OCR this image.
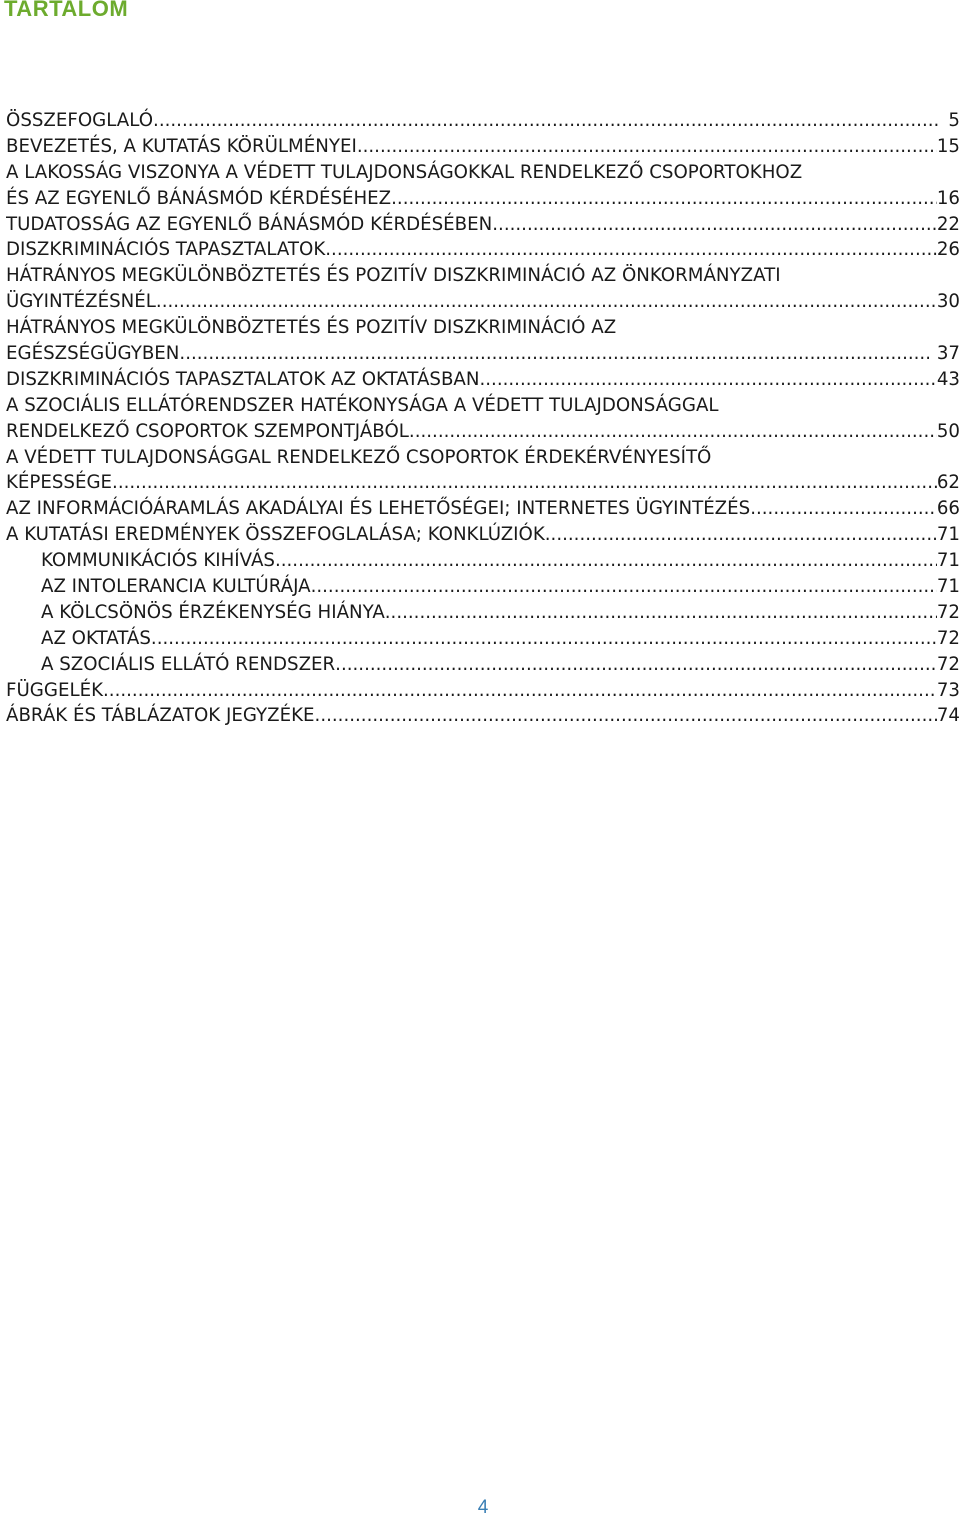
TARTALOM
ÖSSZEFOGLALÓ .....	5
BEVEZETÉS, A KUTATÁS KÖRÜLMÉNYEI .....	15
A LAKOSSÁG VISZONYA A VÉDETT TULAJDONSÁGOKKAL RENDELKEZŐ CSOPORTOKHOZ
ÉS AZ EGYENLŐ BÁNÁSMÓD KÉRDÉSÉHEZ .....	16
TUDATOSSÁG AZ EGYENLŐ BÁNÁSMÓD KÉRDÉSÉBEN .....	22
DISZKRIMINÁCIÓS TAPASZTALATOK .....	26
HÁTRÁNYOS MEGKÜLÖNBÖZTETÉS ÉS POZITÍV DISZKRIMINÁCIÓ AZ ÖNKORMÁNYZATI
ÜGYINTÉZÉSNÉL .....	30
HÁTRÁNYOS MEGKÜLÖNBÖZTETÉS ÉS POZITÍV DISZKRIMINÁCIÓ AZ
EGÉSZSÉGÜGYBEN .....	37
DISZKRIMINÁCIÓS TAPASZTALATOK AZ OKTATÁSBAN .....	43
A SZOCIÁLIS ELLÁTÓRENDSZER HATÉKONYSÁGA A VÉDETT TULAJDONSÁGGAL
RENDELKEZŐ CSOPORTOK SZEMPONTJÁBÓL .....	50
A VÉDETT TULAJDONSÁGGAL RENDELKEZŐ CSOPORTOK ÉRDEKÉRVÉNYESÍTŐ
KÉPESSÉGE .....	62
AZ INFORMÁCIÓÁRAMLÁS AKADÁLYAI ÉS LEHETŐSÉGEI; INTERNETES ÜGYINTÉZÉS .....	66
A KUTATÁSI EREDMÉNYEK ÖSSZEFOGLALÁSA; KONKLÚZIÓK .....	71
KOMMUNIKÁCIÓS KIHÍVÁS .....	71
AZ INTOLERANCIA KULTÚRÁJA .....	71
A KÖLCSÖNÖS ÉRZÉKENYSÉG HIÁNYA .....	72
AZ OKTATÁS .....	72
A SZOCIÁLIS ELLÁTÓ RENDSZER .....	72
FÜGGELÉK .....	73
ÁBRÁK ÉS TÁBLÁZATOK JEGYZÉKE .....	74
4
